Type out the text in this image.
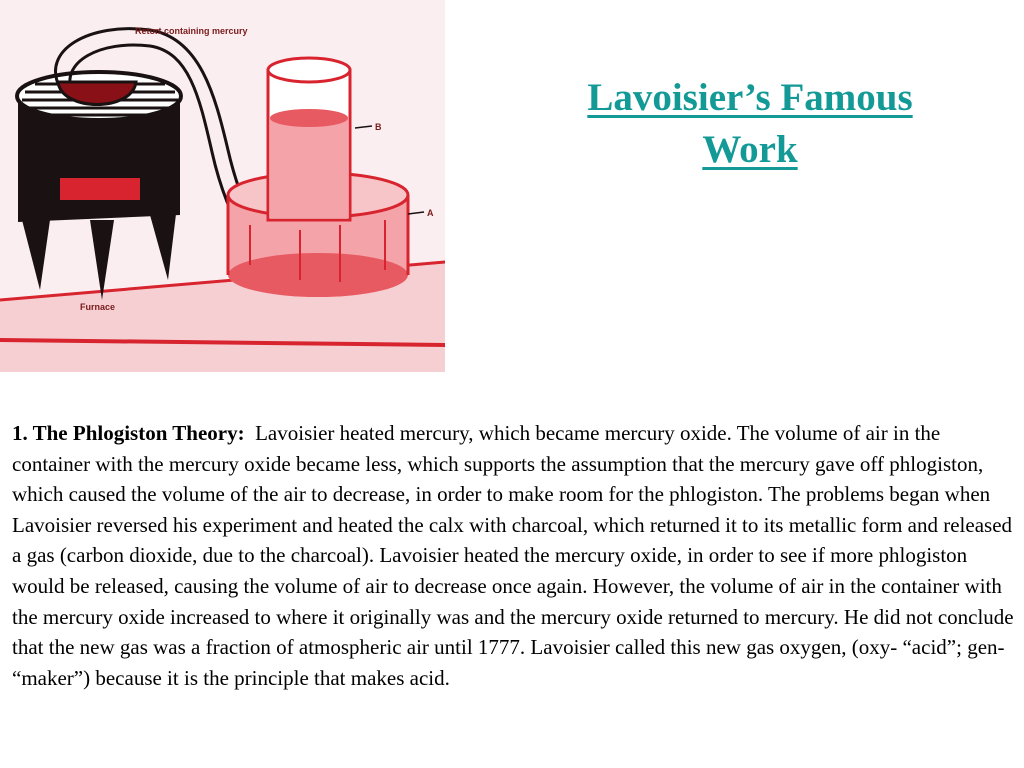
Retort containing mercury
B
A
Furnace
Lavoisier’s Famous
Work

1. The Phlogiston Theory: Lavoisier heated mercury, which became mercury oxide. The volume of air in the container with the mercury oxide became less, which supports the assumption that the mercury gave off phlogiston, which caused the volume of the air to decrease, in order to make room for the phlogiston. The problems began when Lavoisier reversed his experiment and heated the calx with charcoal, which returned it to its metallic form and released a gas (carbon dioxide, due to the charcoal). Lavoisier heated the mercury oxide, in order to see if more phlogiston would be released, causing the volume of air to decrease once again. However, the volume of air in the container with the mercury oxide increased to where it originally was and the mercury oxide returned to mercury. He did not conclude that the new gas was a fraction of atmospheric air until 1777. Lavoisier called this new gas oxygen, (oxy- “acid”; gen- “maker”) because it is the principle that makes acid.
